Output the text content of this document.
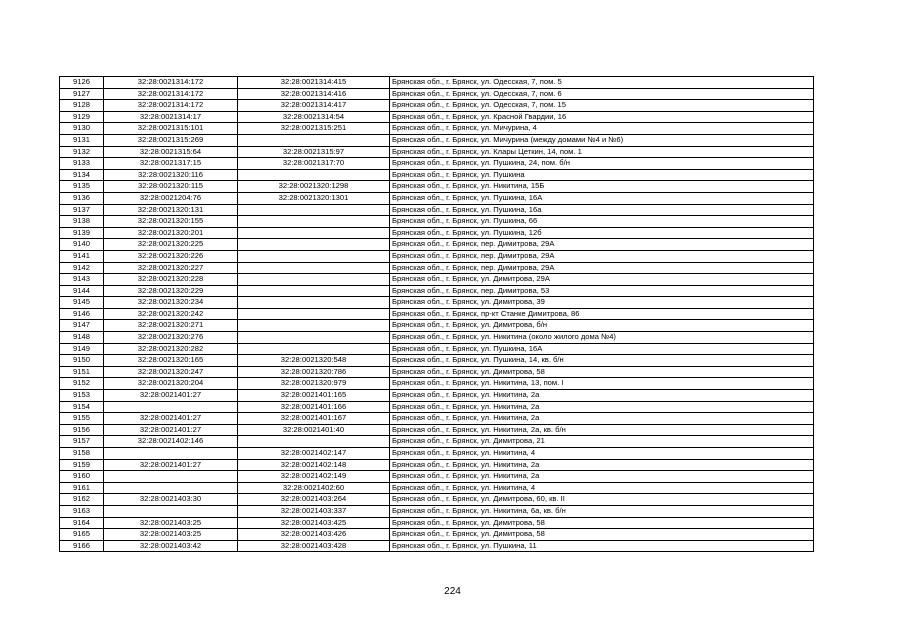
9126	32:28:0021314:172	32:28:0021314:415	Брянская обл., г. Брянск, ул. Одесская, 7, пом. 5
9127	32:28:0021314:172	32:28:0021314:416	Брянская обл., г. Брянск, ул. Одесская, 7, пом. 6
9128	32:28:0021314:172	32:28:0021314:417	Брянская обл., г. Брянск, ул. Одесская, 7, пом. 15
9129	32:28:0021314:17	32:28:0021314:54	Брянская обл., г. Брянск, ул. Красной Гвардии, 16
9130	32:28:0021315:101	32:28:0021315:251	Брянская обл., г. Брянск, ул. Мичурина, 4
9131	32:28:0021315:269		Брянская обл., г. Брянск, ул. Мичурина (между домами №4 и №6)
9132	32:28:0021315:64	32:28:0021315:97	Брянская обл., г. Брянск, ул. Клары Цеткин, 14, пом. 1
9133	32:28:0021317:15	32:28:0021317:70	Брянская обл., г. Брянск, ул. Пушкина, 24, пом. б/н
9134	32:28:0021320:116		Брянская обл., г. Брянск, ул. Пушкина
9135	32:28:0021320:115	32:28:0021320:1298	Брянская обл., г. Брянск, ул. Никитина, 15Б
9136	32:28:0021204:76	32:28:0021320:1301	Брянская обл., г. Брянск, ул. Пушкина, 16А
9137	32:28:0021320:131		Брянская обл., г. Брянск, ул. Пушкина, 16а
9138	32:28:0021320:155		Брянская обл., г. Брянск, ул. Пушкина, 66
9139	32:28:0021320:201		Брянская обл., г. Брянск, ул. Пушкина, 12б
9140	32:28:0021320:225		Брянская обл., г. Брянск, пер. Димитрова, 29А
9141	32:28:0021320:226		Брянская обл., г. Брянск, пер. Димитрова, 29А
9142	32:28:0021320:227		Брянская обл., г. Брянск, пер. Димитрова, 29А
9143	32:28:0021320:228		Брянская обл., г. Брянск, ул. Димитрова, 29А
9144	32:28:0021320:229		Брянская обл., г. Брянск, пер. Димитрова, 53
9145	32:28:0021320:234		Брянская обл., г. Брянск, ул. Димитрова, 39
9146	32:28:0021320:242		Брянская обл., г. Брянск, пр-кт Станке Димитрова, 86
9147	32:28:0021320:271		Брянская обл., г. Брянск, ул. Димитрова, б/н
9148	32:28:0021320:276		Брянская обл., г. Брянск, ул. Никитина (около жилого дома №4)
9149	32:28:0021320:282		Брянская обл., г. Брянск, ул. Пушкина, 16А
9150	32:28:0021320:165	32:28:0021320:548	Брянская обл., г. Брянск, ул. Пушкина, 14, кв. б/н
9151	32:28:0021320:247	32:28:0021320:786	Брянская обл., г. Брянск, ул. Димитрова, 58
9152	32:28:0021320:204	32:28:0021320:979	Брянская обл., г. Брянск, ул. Никитина, 13, пом. I
9153	32:28:0021401:27	32:28:0021401:165	Брянская обл., г. Брянск, ул. Никитина, 2а
9154		32:28:0021401:166	Брянская обл., г. Брянск, ул. Никитина, 2а
9155	32:28:0021401:27	32:28:0021401:167	Брянская обл., г. Брянск, ул. Никитина, 2а
9156	32:28:0021401:27	32:28:0021401:40	Брянская обл., г. Брянск, ул. Никитина, 2а, кв. б/н
9157	32:28:0021402:146		Брянская обл., г. Брянск, ул. Димитрова, 21
9158		32:28:0021402:147	Брянская обл., г. Брянск, ул. Никитина, 4
9159	32:28:0021401:27	32:28:0021402:148	Брянская обл., г. Брянск, ул. Никитина, 2а
9160		32:28:0021402:149	Брянская обл., г. Брянск, ул. Никитина, 2а
9161		32:28:0021402:60	Брянская обл., г. Брянск, ул. Никитина, 4
9162	32:28:0021403:30	32:28:0021403:264	Брянская обл., г. Брянск, ул. Димитрова, 60, кв. II
9163		32:28:0021403:337	Брянская обл., г. Брянск, ул. Никитина, 6а, кв. б/н
9164	32:28:0021403:25	32:28:0021403:425	Брянская обл., г. Брянск, ул. Димитрова, 58
9165	32:28:0021403:25	32:28:0021403:426	Брянская обл., г. Брянск, ул. Димитрова, 58
9166	32:28:0021403:42	32:28:0021403:428	Брянская обл., г. Брянск, ул. Пушкина, 11
224
